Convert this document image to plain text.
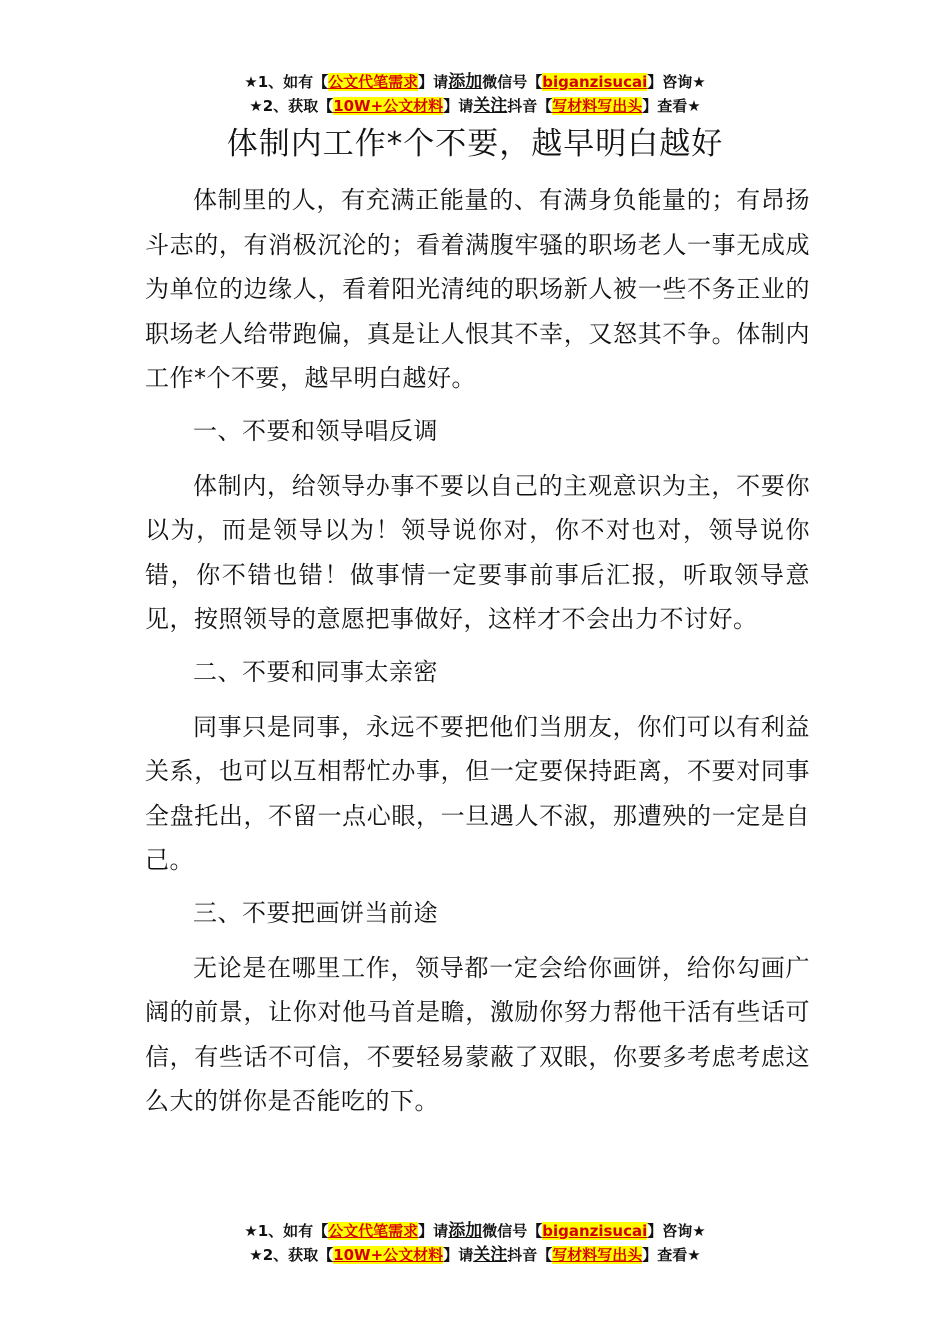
★1、如有【公文代笔需求】请添加微信号【biganzisucai】咨询★
★2、获取【10W+公文材料】请关注抖音【写材料写出头】查看★
体制内工作*个不要，越早明白越好

体制里的人，有充满正能量的、有满身负能量的；有昂扬斗志的，有消极沉沦的；看着满腹牢骚的职场老人一事无成成为单位的边缘人，看着阳光清纯的职场新人被一些不务正业的职场老人给带跑偏，真是让人恨其不幸，又怒其不争。体制内工作*个不要，越早明白越好。

一、不要和领导唱反调

体制内，给领导办事不要以自己的主观意识为主，不要你以为，而是领导以为！领导说你对，你不对也对，领导说你错，你不错也错！做事情一定要事前事后汇报，听取领导意见，按照领导的意愿把事做好，这样才不会出力不讨好。

二、不要和同事太亲密

同事只是同事，永远不要把他们当朋友，你们可以有利益关系，也可以互相帮忙办事，但一定要保持距离，不要对同事全盘托出，不留一点心眼，一旦遇人不淑，那遭殃的一定是自己。

三、不要把画饼当前途

无论是在哪里工作，领导都一定会给你画饼，给你勾画广阔的前景，让你对他马首是瞻，激励你努力帮他干活有些话可信，有些话不可信，不要轻易蒙蔽了双眼，你要多考虑考虑这么大的饼你是否能吃的下。

★1、如有【公文代笔需求】请添加微信号【biganzisucai】咨询★
★2、获取【10W+公文材料】请关注抖音【写材料写出头】查看★
